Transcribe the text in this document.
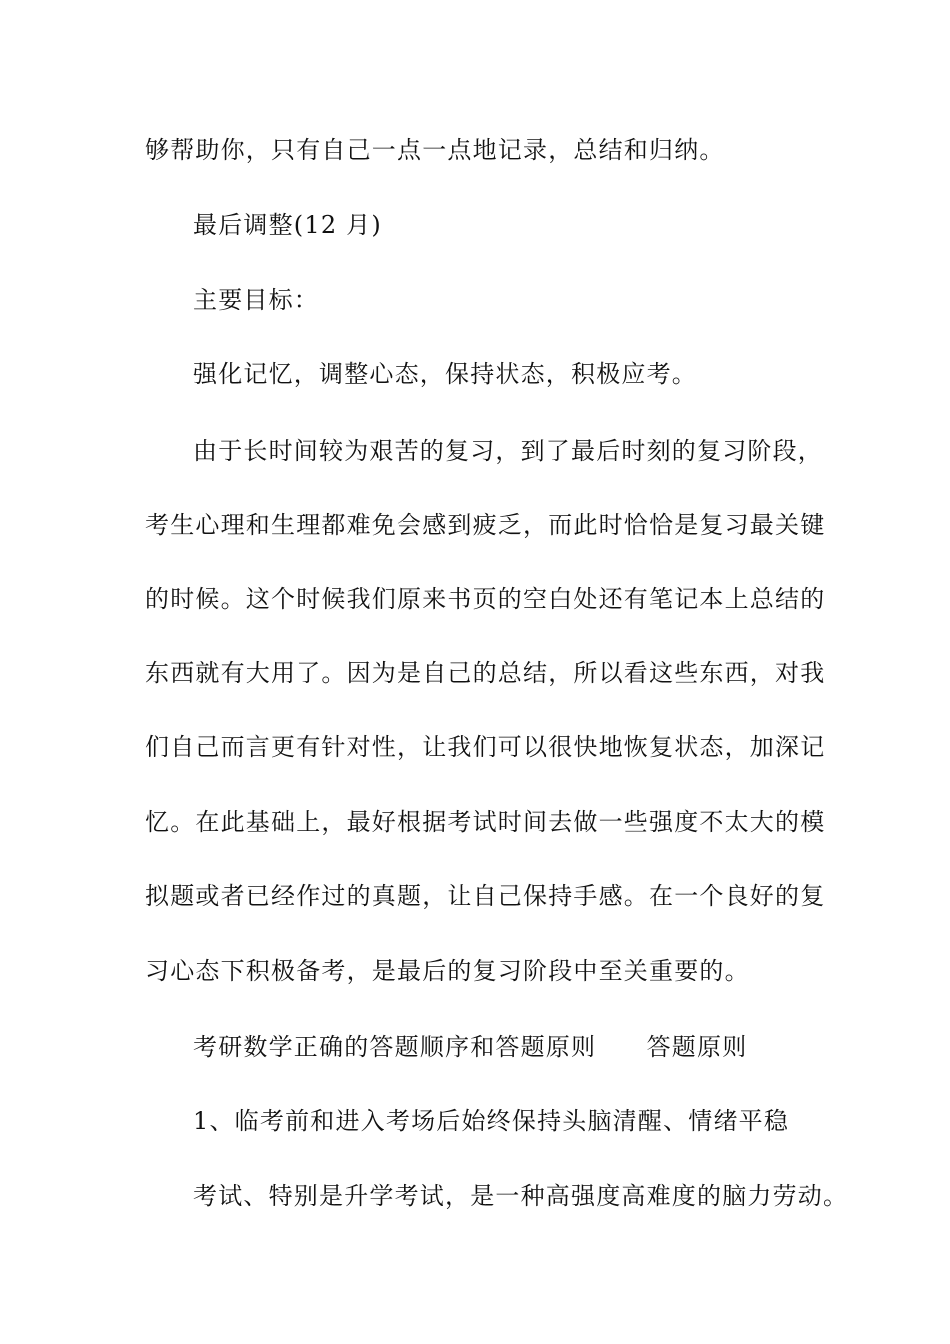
够帮助你，只有自己一点一点地记录，总结和归纳。
最后调整(12 月)
主要目标：
强化记忆，调整心态，保持状态，积极应考。
由于长时间较为艰苦的复习，到了最后时刻的复习阶段，
考生心理和生理都难免会感到疲乏，而此时恰恰是复习最关键
的时候。这个时候我们原来书页的空白处还有笔记本上总结的
东西就有大用了。因为是自己的总结，所以看这些东西，对我
们自己而言更有针对性，让我们可以很快地恢复状态，加深记
忆。在此基础上，最好根据考试时间去做一些强度不太大的模
拟题或者已经作过的真题，让自己保持手感。在一个良好的复
习心态下积极备考，是最后的复习阶段中至关重要的。
考研数学正确的答题顺序和答题原则　　答题原则
1、临考前和进入考场后始终保持头脑清醒、情绪平稳
考试、特别是升学考试，是一种高强度高难度的脑力劳动。
